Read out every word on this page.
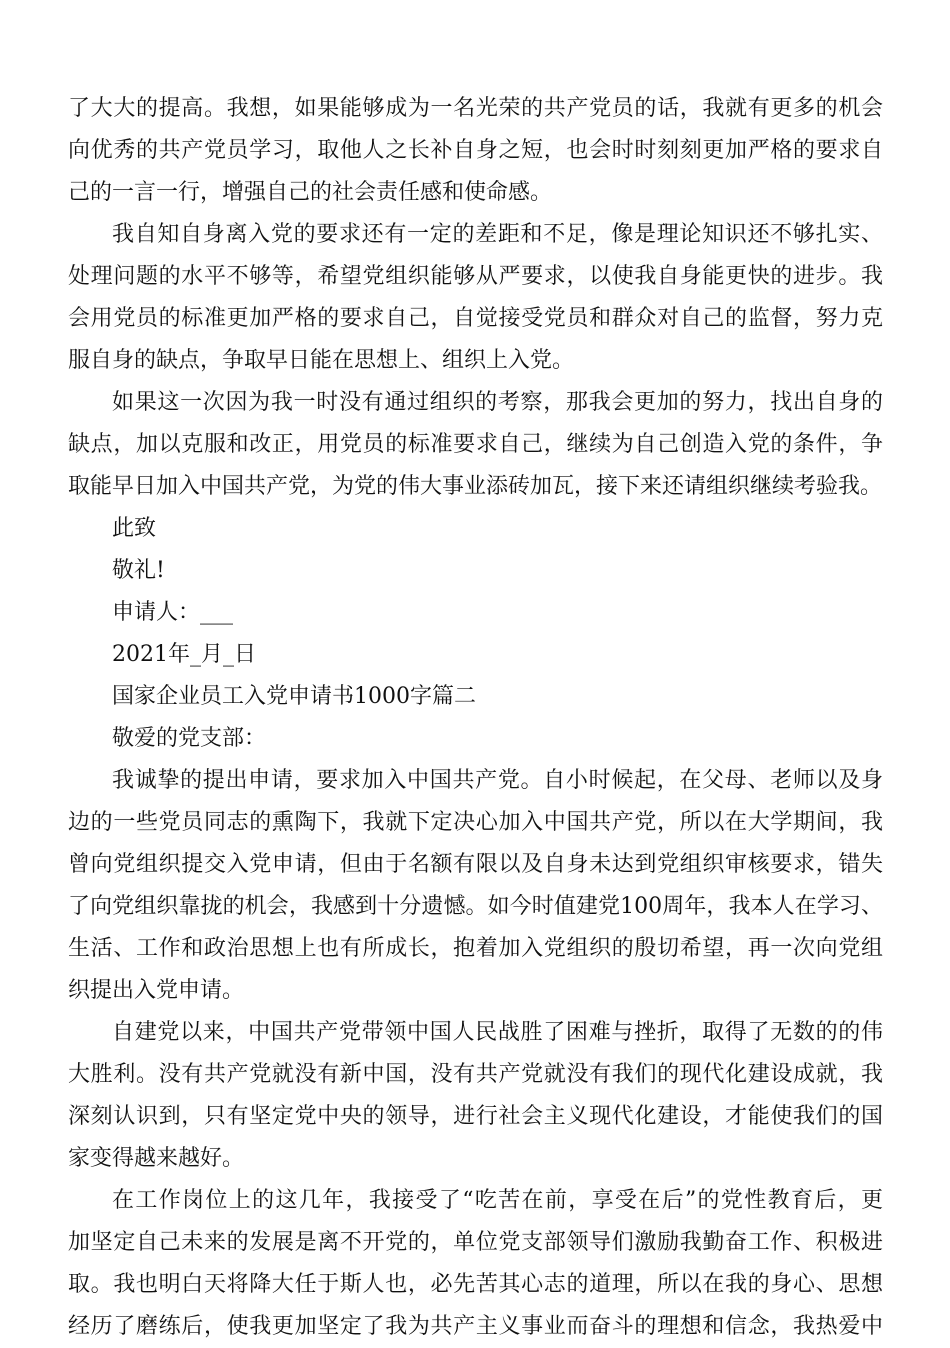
了大大的提高。我想，如果能够成为一名光荣的共产党员的话，我就有更多的机会
向优秀的共产党员学习，取他人之长补自身之短，也会时时刻刻更加严格的要求自
己的一言一行，增强自己的社会责任感和使命感。
我自知自身离入党的要求还有一定的差距和不足，像是理论知识还不够扎实、
处理问题的水平不够等，希望党组织能够从严要求，以使我自身能更快的进步。我
会用党员的标准更加严格的要求自己，自觉接受党员和群众对自己的监督，努力克
服自身的缺点，争取早日能在思想上、组织上入党。
如果这一次因为我一时没有通过组织的考察，那我会更加的努力，找出自身的
缺点，加以克服和改正，用党员的标准要求自己，继续为自己创造入党的条件，争
取能早日加入中国共产党，为党的伟大事业添砖加瓦，接下来还请组织继续考验我。
此致
敬礼!
申请人：___
2021年_月_日
国家企业员工入党申请书1000字篇二
敬爱的党支部：
我诚挚的提出申请，要求加入中国共产党。自小时候起，在父母、老师以及身
边的一些党员同志的熏陶下，我就下定决心加入中国共产党，所以在大学期间，我
曾向党组织提交入党申请，但由于名额有限以及自身未达到党组织审核要求，错失
了向党组织靠拢的机会，我感到十分遗憾。如今时值建党100周年，我本人在学习、
生活、工作和政治思想上也有所成长，抱着加入党组织的殷切希望，再一次向党组
织提出入党申请。
自建党以来，中国共产党带领中国人民战胜了困难与挫折，取得了无数的的伟
大胜利。没有共产党就没有新中国，没有共产党就没有我们的现代化建设成就，我
深刻认识到，只有坚定党中央的领导，进行社会主义现代化建设，才能使我们的国
家变得越来越好。
在工作岗位上的这几年，我接受了“吃苦在前，享受在后”的党性教育后，更
加坚定自己未来的发展是离不开党的，单位党支部领导们激励我勤奋工作、积极进
取。我也明白天将降大任于斯人也，必先苦其心志的道理，所以在我的身心、思想
经历了磨练后，使我更加坚定了我为共产主义事业而奋斗的理想和信念，我热爱中
